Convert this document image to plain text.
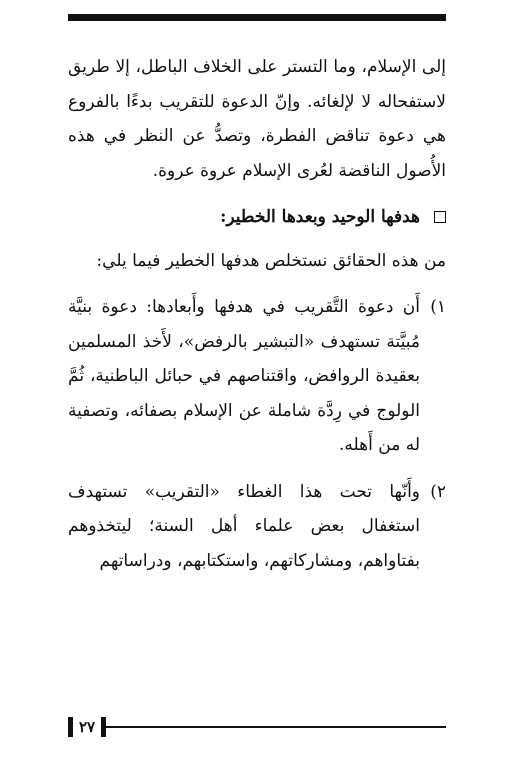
إلى الإسلام، وما التستر على الخلاف الباطل، إلا طريق لاستفحاله لا لإلغائه. وإنّ الدعوة للتقريب بدءًا بالفروع هي دعوة تناقض الفطرة، وتصدُّ عن النظر في هذه الأُصول الناقضة لعُرى الإسلام عروة عروة.

هدفها الوحيد وبعدها الخطير:

من هذه الحقائق نستخلص هدفها الخطير فيما يلي:

١)
أَن دعوة التَّقريب في هدفها وأَبعادها: دعوة بنيَّة مُبيَّتة تستهدف «التبشير بالرفض»، لأَخذ المسلمين بعقيدة الروافض، واقتناصهم في حبائل الباطنية، ثُمَّ الولوج في رِدَّة شاملة عن الإسلام بصفائه، وتصفية له من أَهله.
٢)
وأَنّها تحت هذا الغطاء «التقريب» تستهدف استغفال بعض علماء أهل السنة؛ ليتخذوهم بفتاواهم، ومشاركاتهم، واستكتابهم، ودراساتهم
٢٧
